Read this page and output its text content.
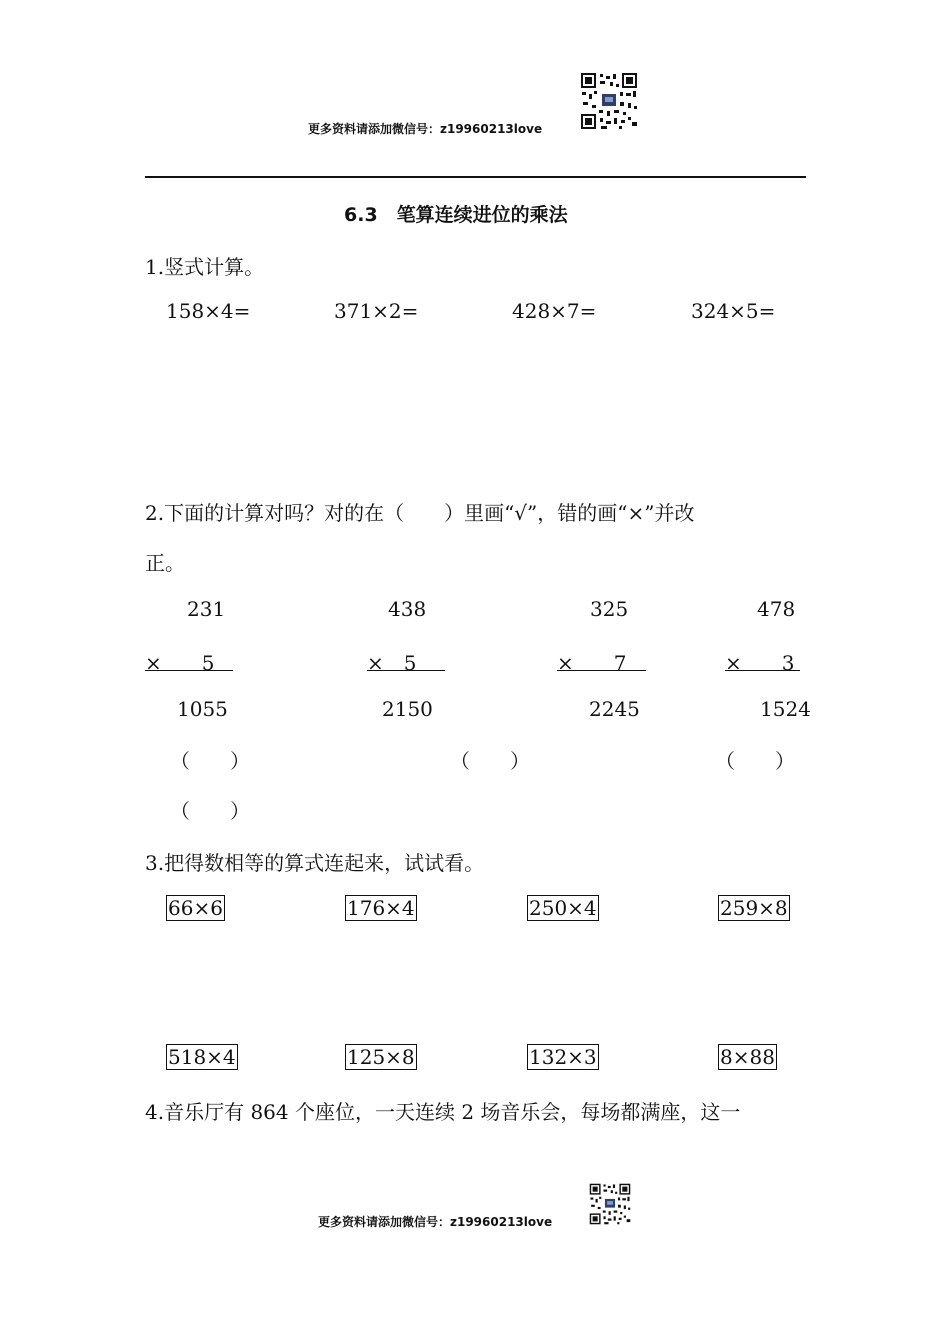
更多资料请添加微信号：z19960213love
6.3　笔算连续进位的乘法
1.竖式计算。
158×4=	371×2=	428×7=	324×5=
2.下面的计算对吗？对的在（　　）里画“√”，错的画“×”并改
正。
231
×　　5
1055
（　　）
438
×　5
2150
（　　）
325
×　　7
2245
（　　）
478
×　　3
1524
（　　）
3.把得数相等的算式连起来，试试看。
66×6	176×4	250×4	259×8
518×4	125×8	132×3	8×88
4.音乐厅有 864 个座位，一天连续 2 场音乐会，每场都满座，这一
更多资料请添加微信号：z19960213love
